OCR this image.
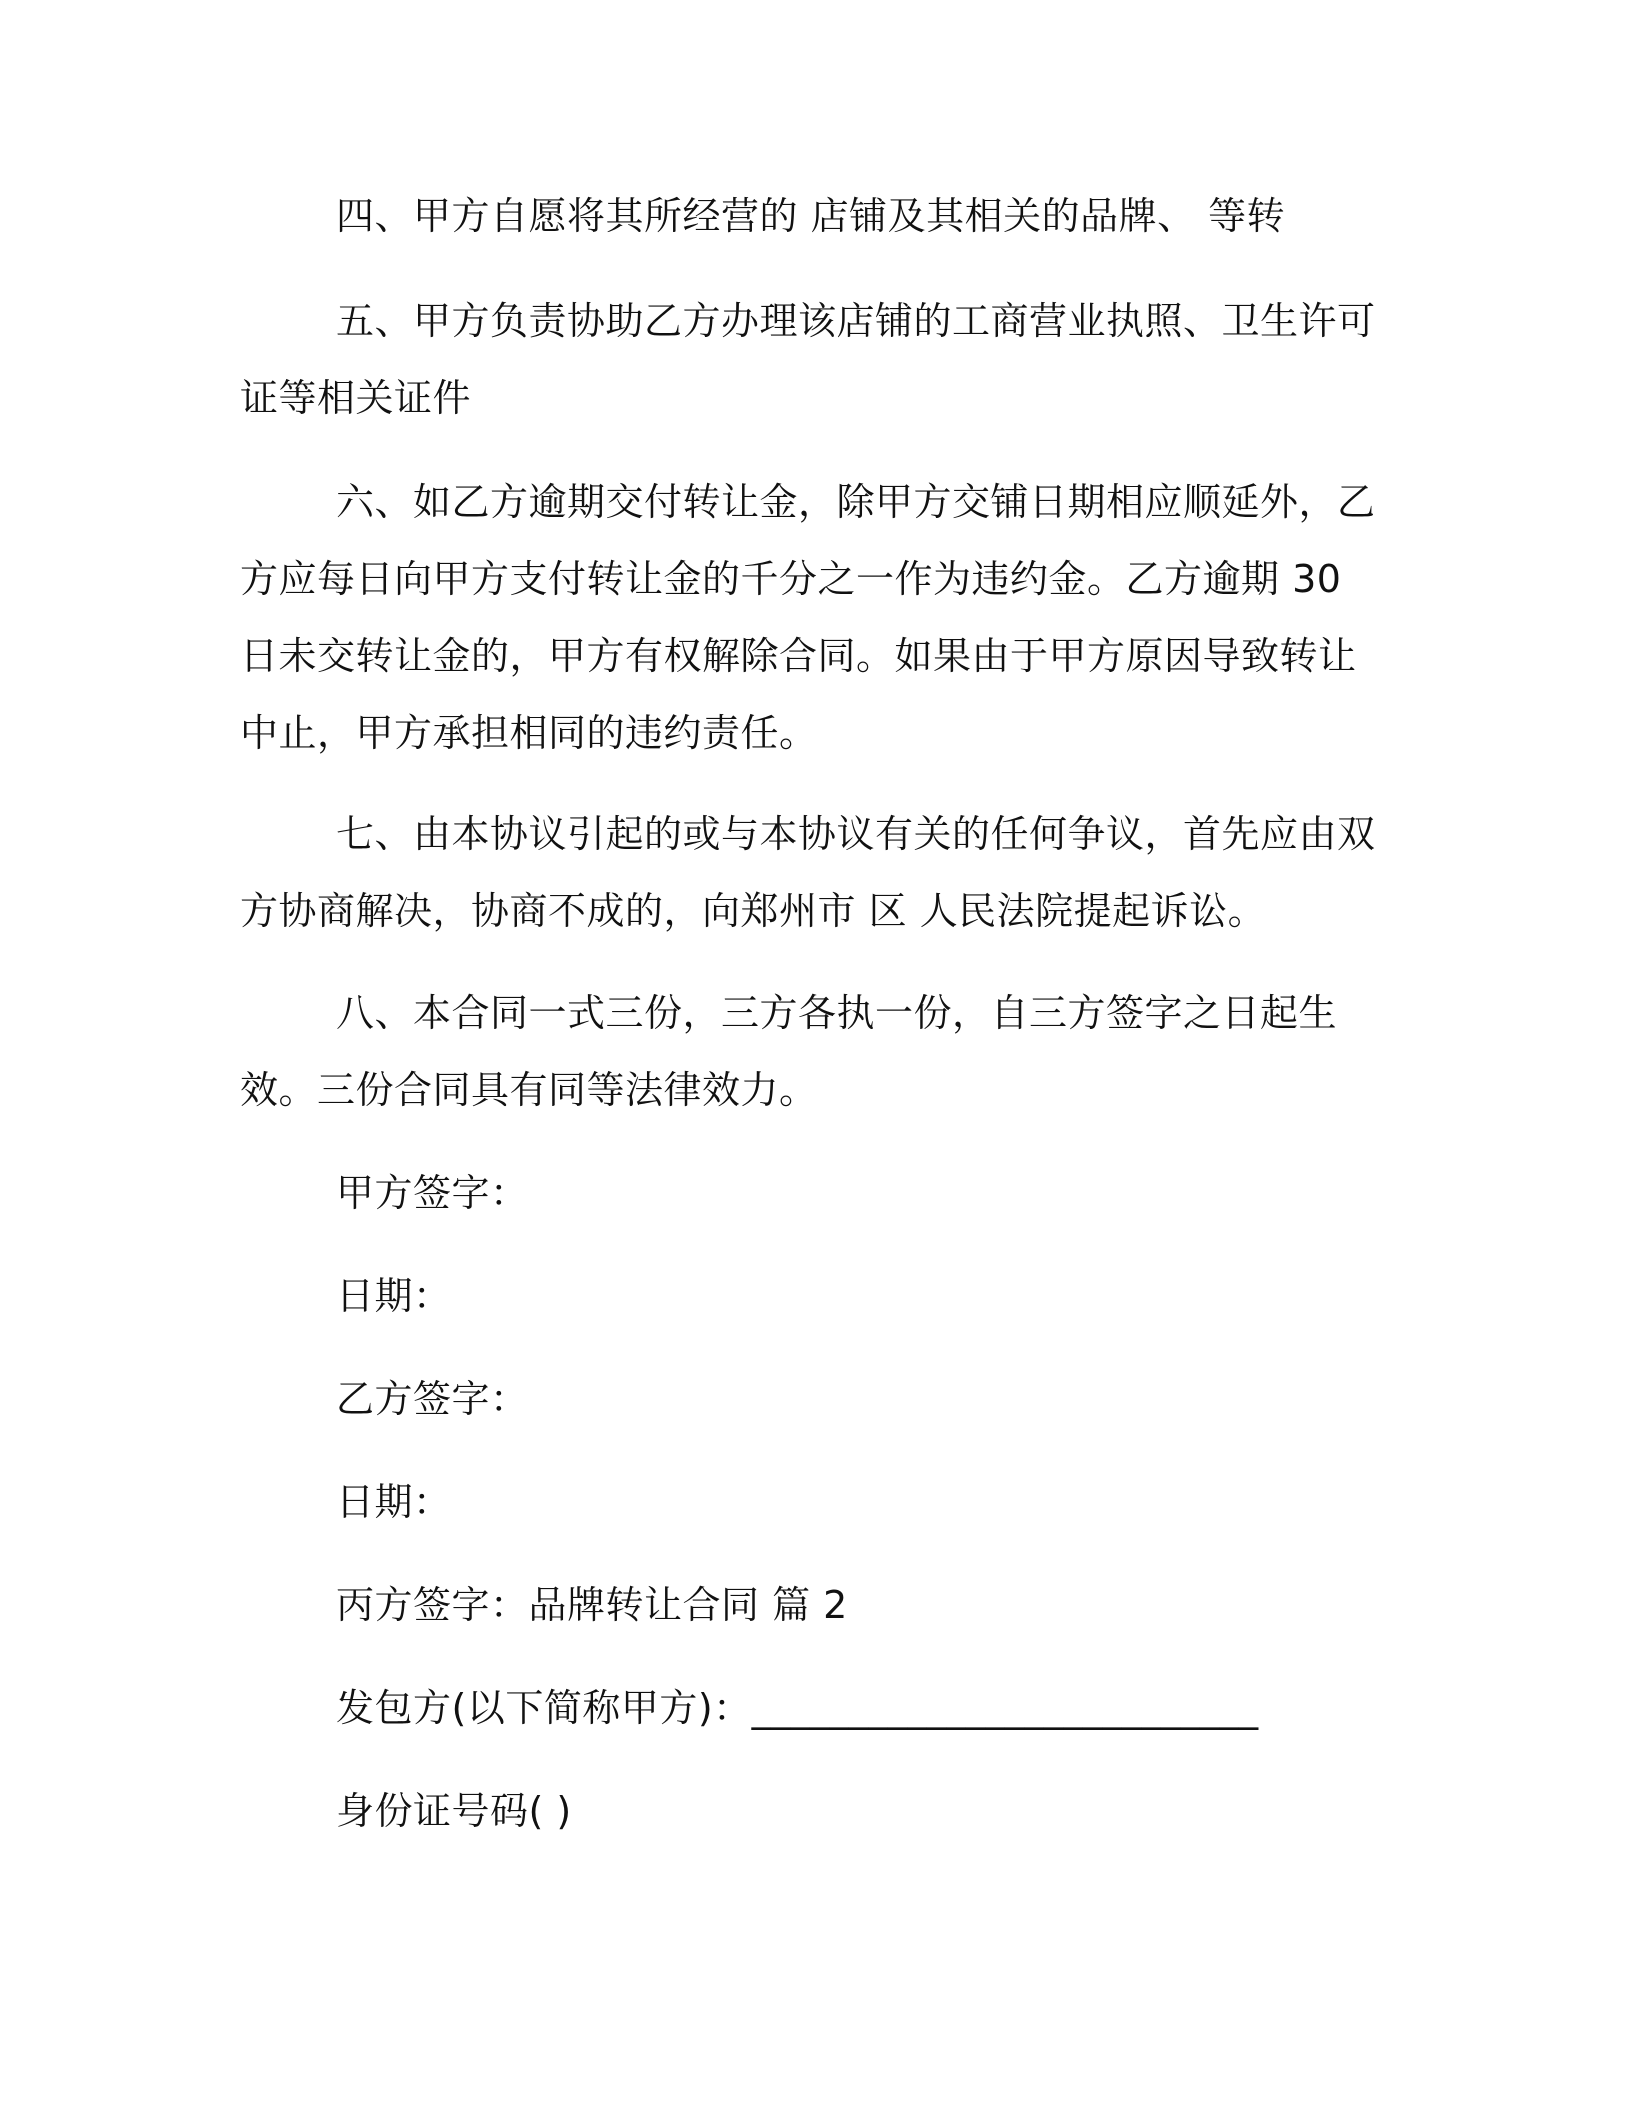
四、甲方自愿将其所经营的 店铺及其相关的品牌、 等转

五、甲方负责协助乙方办理该店铺的工商营业执照、卫生许可证等相关证件

六、如乙方逾期交付转让金，除甲方交铺日期相应顺延外，乙方应每日向甲方支付转让金的千分之一作为违约金。乙方逾期 30 日未交转让金的，甲方有权解除合同。如果由于甲方原因导致转让中止，甲方承担相同的违约责任。

七、由本协议引起的或与本协议有关的任何争议，首先应由双方协商解决，协商不成的，向郑州市 区 人民法院提起诉讼。

八、本合同一式三份，三方各执一份，自三方签字之日起生效。三份合同具有同等法律效力。

甲方签字：

日期：

乙方签字：

日期：

丙方签字：品牌转让合同 篇 2

发包方(以下简称甲方)：__________________________

身份证号码( )
